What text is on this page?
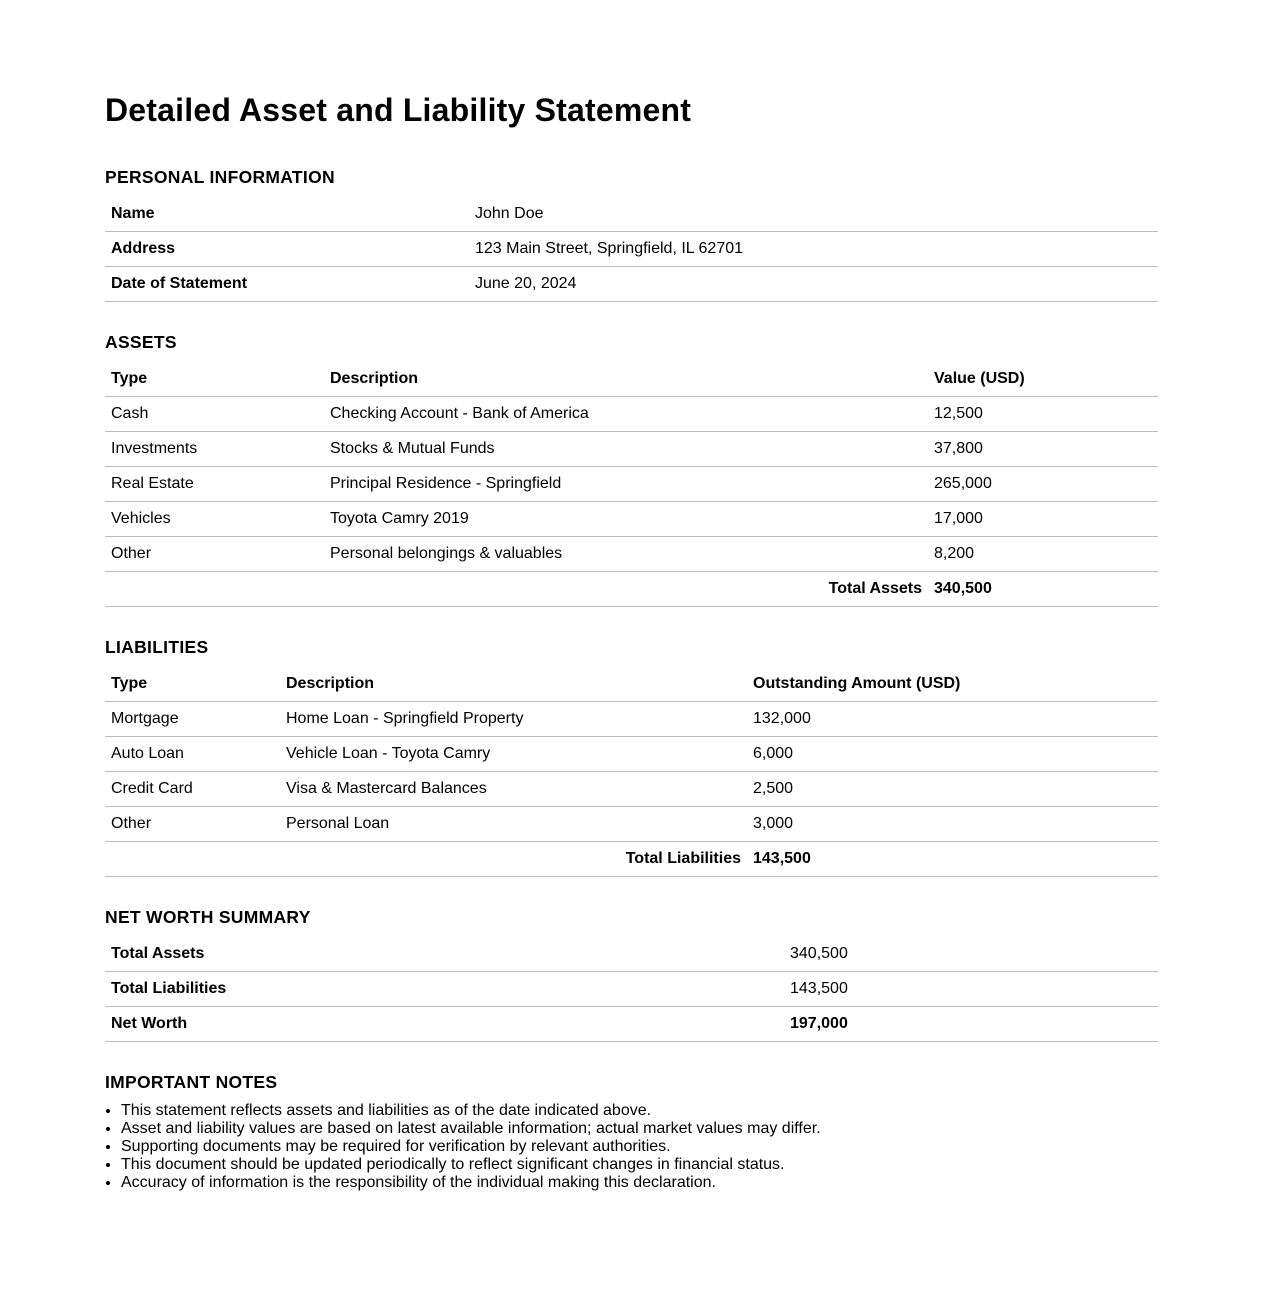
Detailed Asset and Liability Statement
PERSONAL INFORMATION
Name	John Doe
Address	123 Main Street, Springfield, IL 62701
Date of Statement	June 20, 2024
ASSETS
Type	Description	Value (USD)
Cash	Checking Account - Bank of America	12,500
Investments	Stocks & Mutual Funds	37,800
Real Estate	Principal Residence - Springfield	265,000
Vehicles	Toyota Camry 2019	17,000
Other	Personal belongings & valuables	8,200
Total Assets		340,500
LIABILITIES
Type	Description	Outstanding Amount (USD)
Mortgage	Home Loan - Springfield Property	132,000
Auto Loan	Vehicle Loan - Toyota Camry	6,000
Credit Card	Visa & Mastercard Balances	2,500
Other	Personal Loan	3,000
Total Liabilities		143,500
NET WORTH SUMMARY
Total Assets	340,500
Total Liabilities	143,500
Net Worth	197,000
IMPORTANT NOTES
• This statement reflects assets and liabilities as of the date indicated above.
• Asset and liability values are based on latest available information; actual market values may differ.
• Supporting documents may be required for verification by relevant authorities.
• This document should be updated periodically to reflect significant changes in financial status.
• Accuracy of information is the responsibility of the individual making this declaration.
